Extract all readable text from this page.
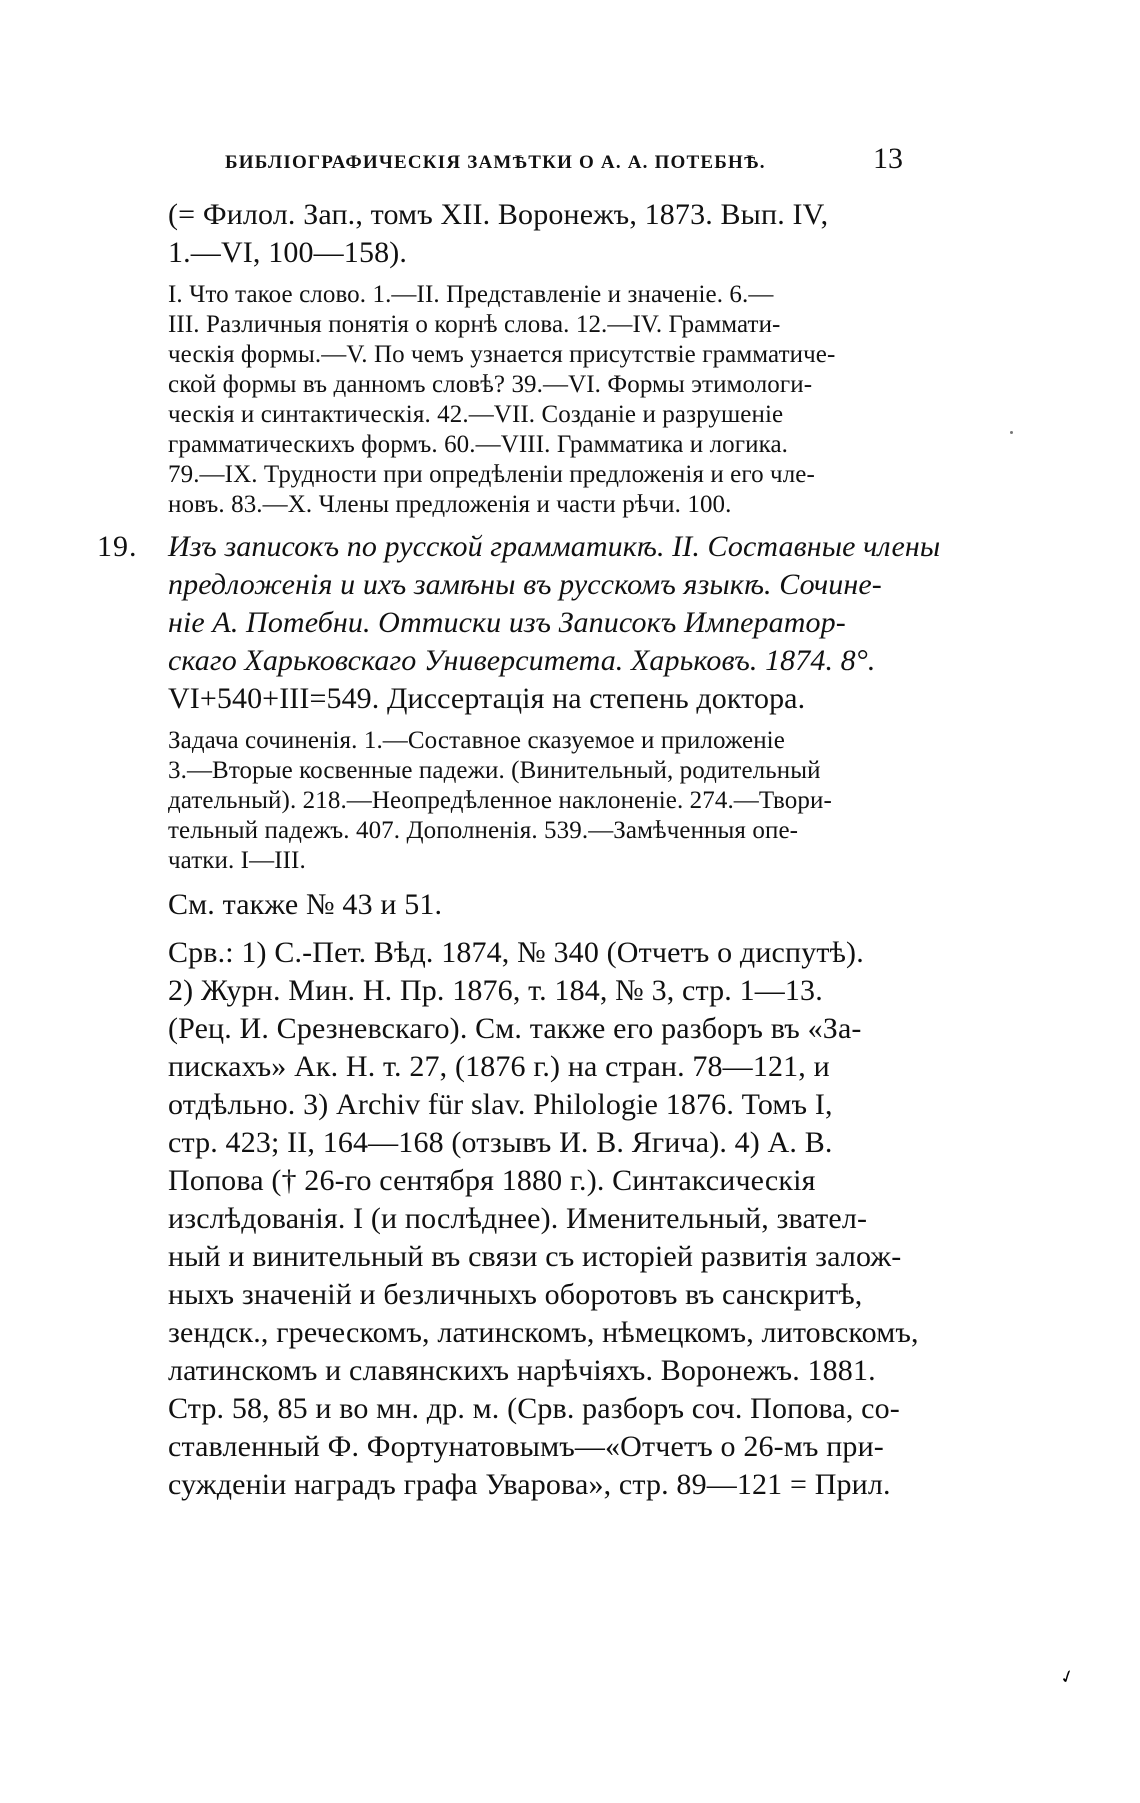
БИБЛІОГРАФИЧЕСКІЯ ЗАМѢТКИ О А. А. ПОТЕБНѢ.	13
(= Филол. Зап., томъ XII. Воронежъ, 1873. Вып. IV,
1.—VI, 100—158).
I. Что такое слово. 1.—II. Представленіе и значеніе. 6.—
III. Различныя понятія о корнѣ слова. 12.—IV. Граммати-
ческія формы.—V. По чемъ узнается присутствіе грамматиче-
ской формы въ данномъ словѣ? 39.—VI. Формы этимологи-
ческія и синтактическія. 42.—VII. Созданіе и разрушеніе
грамматическихъ формъ. 60.—VIII. Грамматика и логика.
79.—IX. Трудности при опредѣленіи предложенія и его чле-
новъ. 83.—X. Члены предложенія и части рѣчи. 100.
19. Изъ записокъ по русской грамматикѣ. II. Составные члены
предложенія и ихъ замѣны въ русскомъ языкѣ. Сочине-
ніе А. Потебни. Оттиски изъ Записокъ Император-
скаго Харьковскаго Университета. Харьковъ. 1874. 8°.
VI+540+III=549. Диссертація на степень доктора.
Задача сочиненія. 1.—Составное сказуемое и приложеніе
3.—Вторые косвенные падежи. (Винительный, родительный
дательный). 218.—Неопредѣленное наклоненіе. 274.—Твори-
тельный падежъ. 407. Дополненія. 539.—Замѣченныя опе-
чатки. I—III.
См. также № 43 и 51.
Срв.: 1) С.-Пет. Вѣд. 1874, № 340 (Отчетъ о диспутѣ).
2) Журн. Мин. Н. Пр. 1876, т. 184, № 3, стр. 1—13.
(Рец. И. Срезневскаго). См. также его разборъ въ «За-
пискахъ» Ак. Н. т. 27, (1876 г.) на стран. 78—121, и
отдѣльно. 3) Archiv für slav. Philologie 1876. Томъ I,
стр. 423; II, 164—168 (отзывъ И. В. Ягича). 4) А. В.
Попова († 26-го сентября 1880 г.). Синтаксическія
изслѣдованія. I (и послѣднее). Именительный, звател-
ный и винительный въ связи съ исторіей развитія залож-
ныхъ значеній и безличныхъ оборотовъ въ санскритѣ,
зендск., греческомъ, латинскомъ, нѣмецкомъ, литовскомъ,
латинскомъ и славянскихъ нарѣчіяхъ. Воронежъ. 1881.
Стр. 58, 85 и во мн. др. м. (Срв. разборъ соч. Попова, со-
ставленный Ф. Фортунатовымъ—«Отчетъ о 26-мъ при-
сужденіи наградъ графа Уварова», стр. 89—121 = Прил.
✓
